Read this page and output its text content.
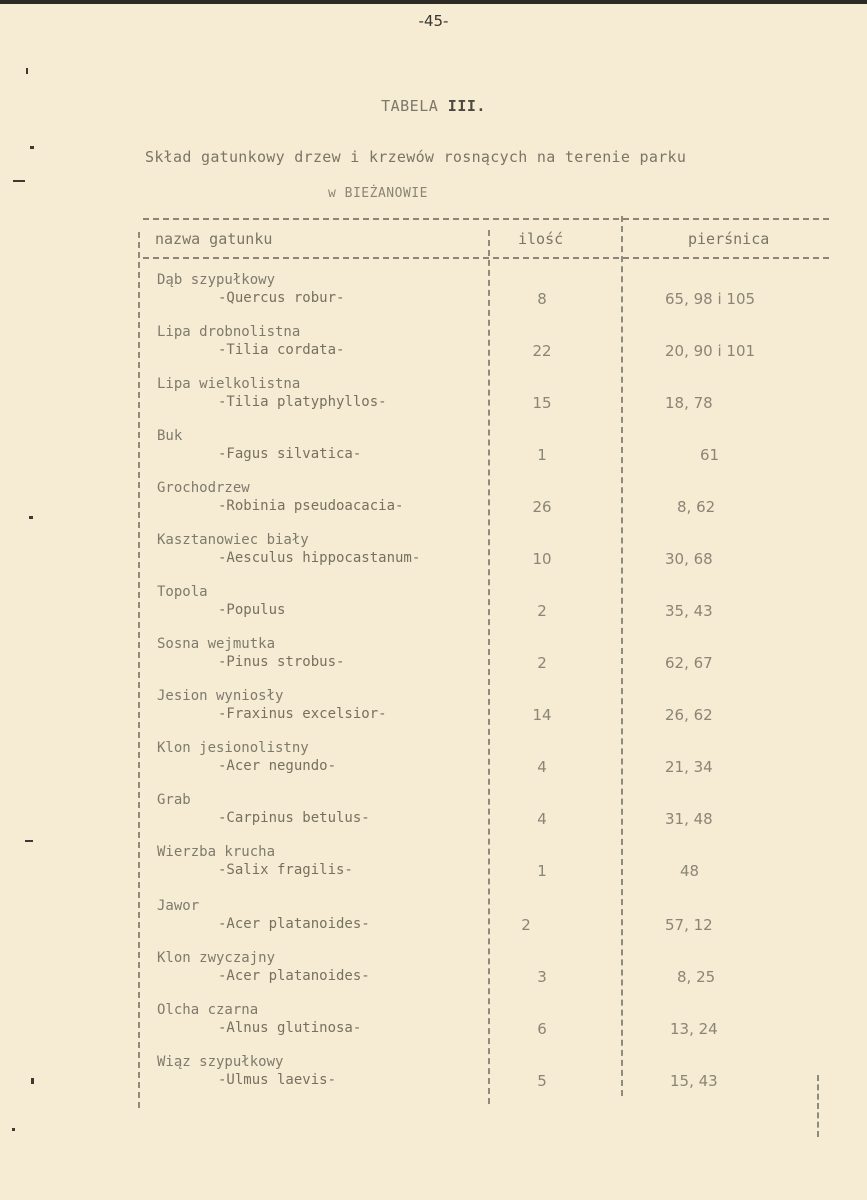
-45-
TABELA III.
Skład gatunkowy drzew i krzewów rosnących na terenie parku
w BIEŻANOWIE
nazwa gatunku	ilość	pierśnica
Dąb szypułkowy
-Quercus robur-	8	65, 98 i 105
Lipa drobnolistna
-Tilia cordata-	22	20, 90 i 101
Lipa wielkolistna
-Tilia platyphyllos-	15	18, 78
Buk
-Fagus silvatica-	1	61
Grochodrzew
-Robinia pseudoacacia-	26	8, 62
Kasztanowiec biały
-Aesculus hippocastanum-	10	30, 68
Topola
-Populus	2	35, 43
Sosna wejmutka
-Pinus strobus-	2	62, 67
Jesion wyniosły
-Fraxinus excelsior-	14	26, 62
Klon jesionolistny
-Acer negundo-	4	21, 34
Grab
-Carpinus betulus-	4	31, 48
Wierzba krucha
-Salix fragilis-	1	48
Jawor
-Acer platanoides-	2	57, 12
Klon zwyczajny
-Acer platanoides-	3	8, 25
Olcha czarna
-Alnus glutinosa-	6	13, 24
Wiąz szypułkowy
-Ulmus laevis-	5	15, 43
